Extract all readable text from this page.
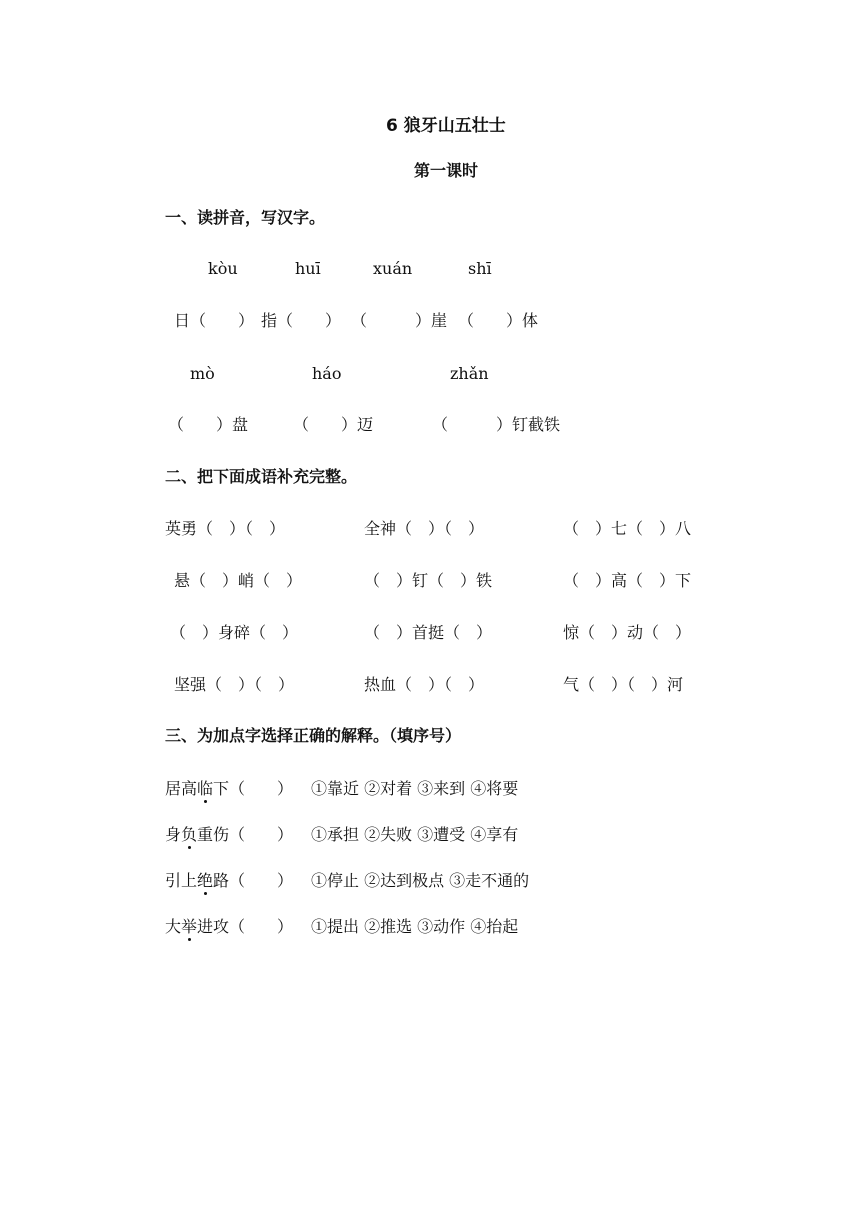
6 狼牙山五壮士
第一课时
一、读拼音，写汉字。
kòu	huī	xuán	shī
日（　　） 指（　　） （　　　）崖 （　　）体
mò	háo	zhǎn
（　　）盘	（　　）迈	（　　　）钉截铁
二、把下面成语补充完整。
英勇（　）（　）	全神（　）（　）	（　）七（　）八
悬（　）峭（　）	（　）钉（　）铁	（　）高（　）下
（　）身碎（　）	（　）首挺（　）	惊（　）动（　）
坚强（　）（　）	热血（　）（　）	气（　）（　）河
三、为加点字选择正确的解释。（填序号）
居高临下（　　） ①靠近 ②对着 ③来到 ④将要
身负重伤（　　） ①承担 ②失败 ③遭受 ④享有
引上绝路（　　） ①停止 ②达到极点 ③走不通的
大举进攻（　　） ①提出 ②推选 ③动作 ④抬起
